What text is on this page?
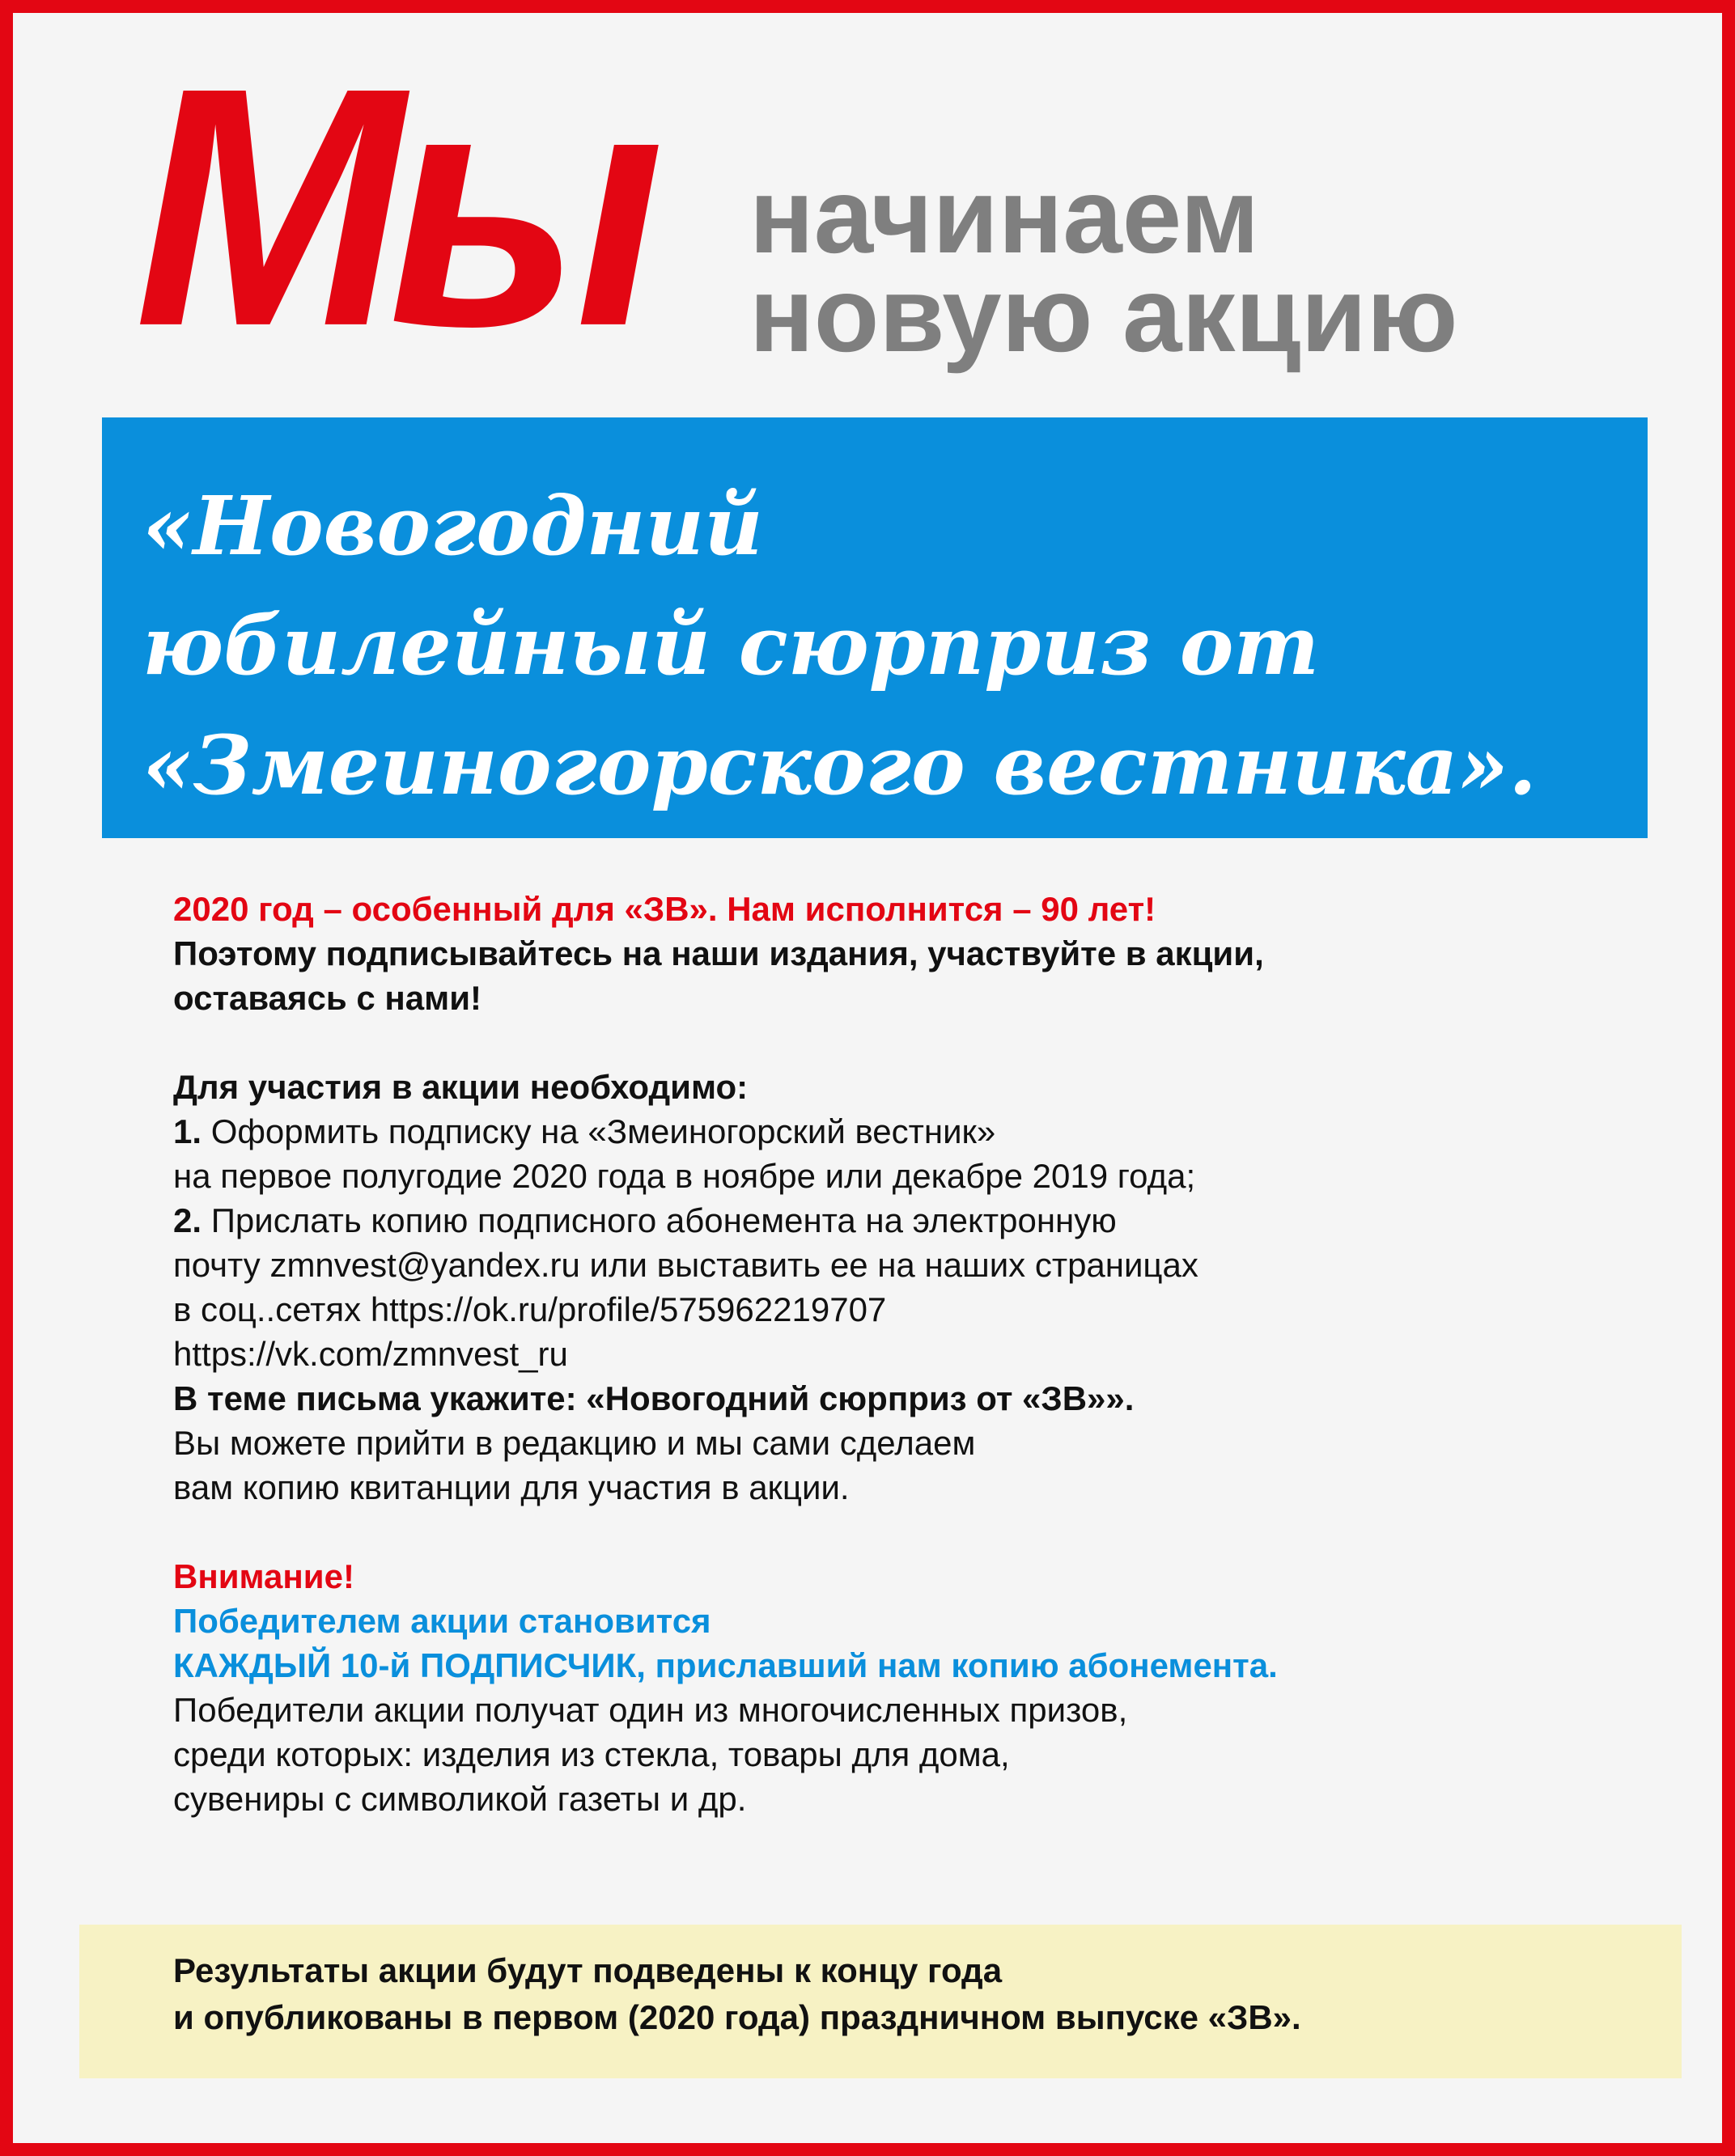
Мы начинаем
новую акцию
«Новогодний
юбилейный сюрприз от
«Змеиногорского вестника».
2020 год – особенный для «ЗВ». Нам исполнится – 90 лет!
Поэтому подписывайтесь на наши издания, участвуйте в акции,
оставаясь с нами!
Для участия в акции необходимо:
1. Оформить подписку на «Змеиногорский вестник»
на первое полугодие 2020 года в ноябре или декабре 2019 года;
2. Прислать копию подписного абонемента на электронную
почту zmnvest@yandex.ru или выставить ее на наших страницах
в соц..сетях https://ok.ru/profile/575962219707
https://vk.com/zmnvest_ru
В теме письма укажите: «Новогодний сюрприз от «ЗВ»».
Вы можете прийти в редакцию и мы сами сделаем
вам копию квитанции для участия в акции.
Внимание!
Победителем акции становится
КАЖДЫЙ 10-й ПОДПИСЧИК, приславший нам копию абонемента.
Победители акции получат один из многочисленных призов,
среди которых: изделия из стекла, товары для дома,
сувениры с символикой газеты и др.
Результаты акции будут подведены к концу года
и опубликованы в первом (2020 года) праздничном выпуске «ЗВ».
